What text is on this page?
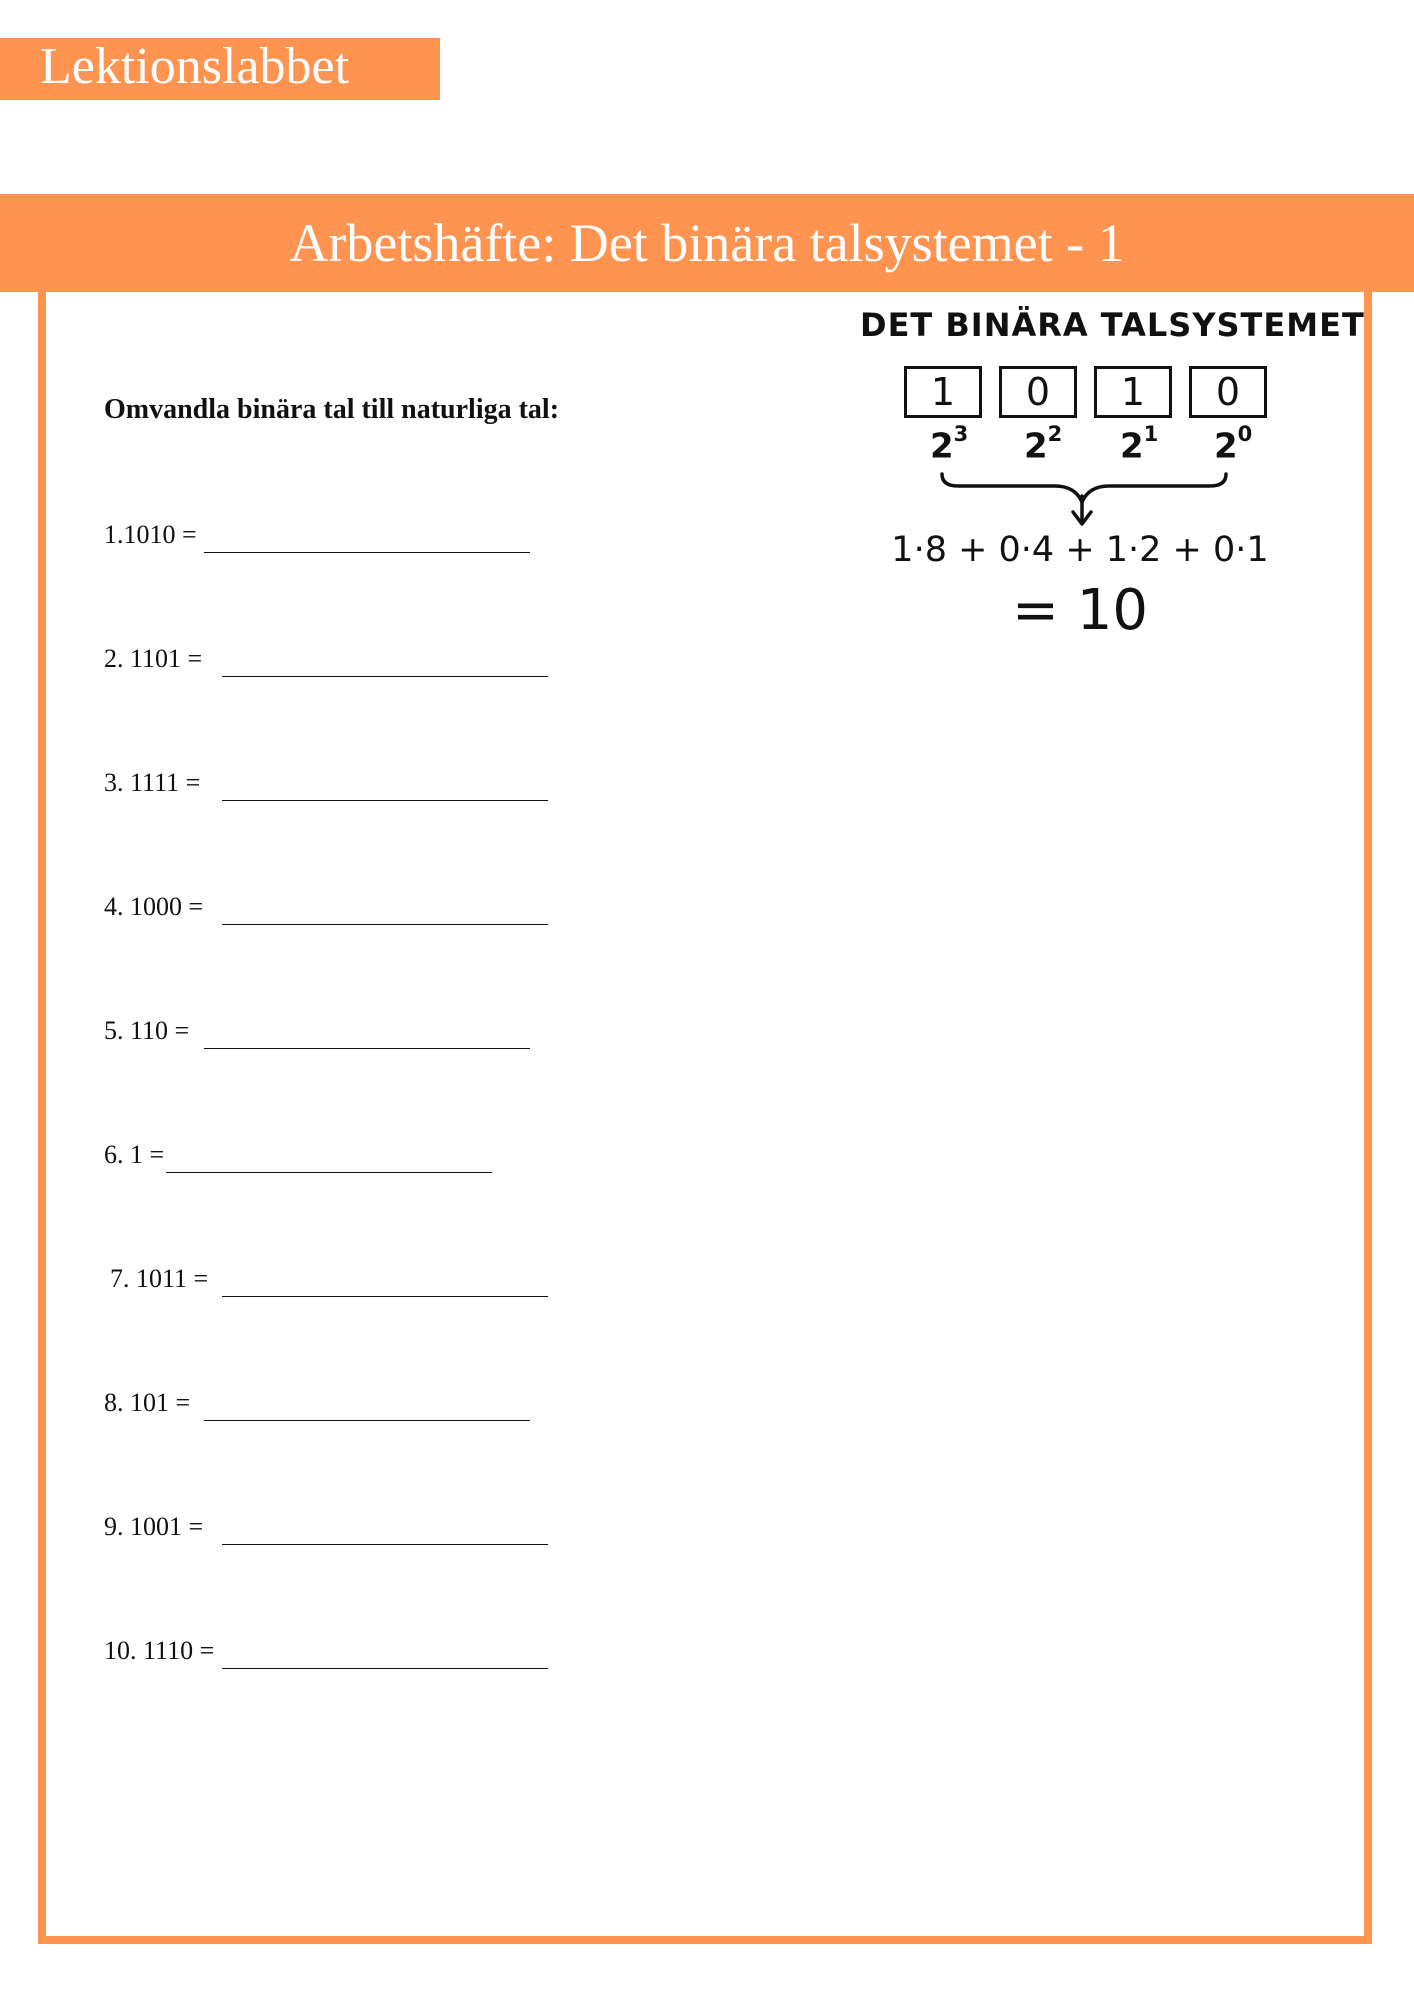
Lektionslabbet
Arbetshäfte: Det binära talsystemet - 1
Omvandla binära tal till naturliga tal:
1.1010 =
2. 1101 =
3. 1111 =
4. 1000 =
5. 110 =
6. 1 =
7. 1011 =
8. 101 =
9. 1001 =
10. 1110 =
DET BINÄRA TALSYSTEMET
1	0	1	0
$2^3$ $2^2$ $2^1$ $2^0$
1·8 + 0·4 + 1·2 + 0·1
= 10
